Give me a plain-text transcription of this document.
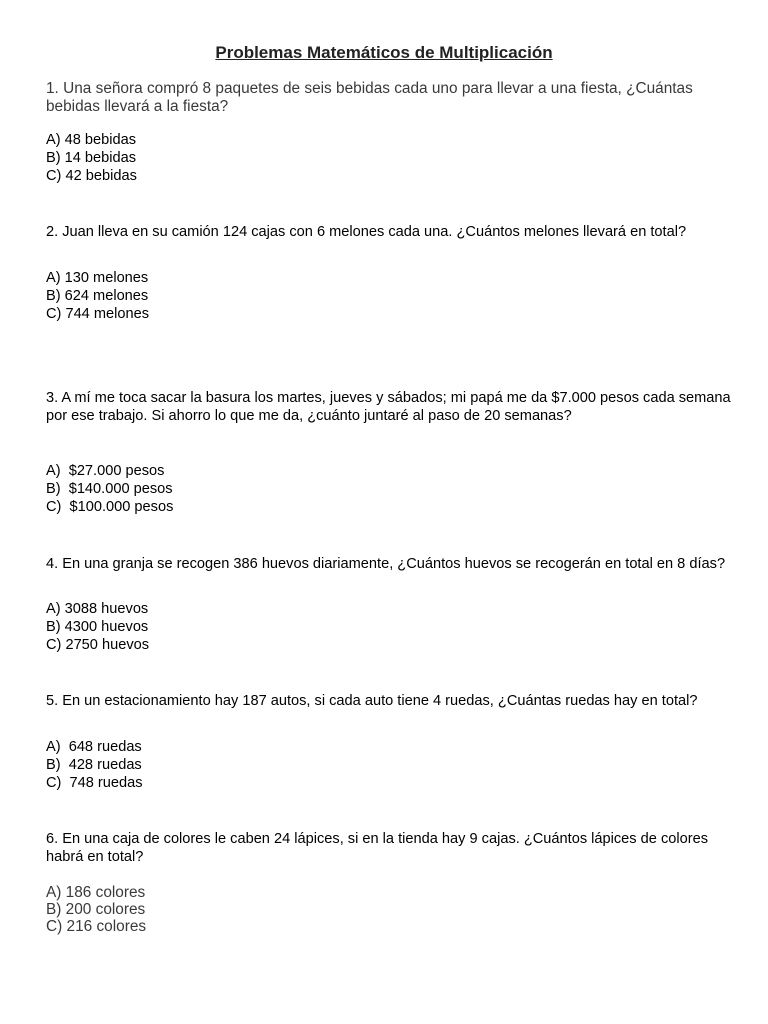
Problemas Matemáticos de Multiplicación

1. Una señora compró 8 paquetes de seis bebidas cada uno para llevar a una fiesta, ¿Cuántas bebidas llevará a la fiesta?

A) 48 bebidas
B) 14 bebidas
C) 42 bebidas

2. Juan lleva en su camión 124 cajas con 6 melones cada una. ¿Cuántos melones llevará en total?

A) 130 melones
B) 624 melones
C) 744 melones

3. A mí me toca sacar la basura los martes, jueves y sábados; mi papá me da $7.000 pesos cada semana por ese trabajo. Si ahorro lo que me da, ¿cuánto juntaré al paso de 20 semanas?

A)  $27.000 pesos
B)  $140.000 pesos
C)  $100.000 pesos

4. En una granja se recogen 386 huevos diariamente, ¿Cuántos huevos se recogerán en total en 8 días?

A) 3088 huevos
B) 4300 huevos
C) 2750 huevos

5. En un estacionamiento hay 187 autos, si cada auto tiene 4 ruedas, ¿Cuántas ruedas hay en total?

A)  648 ruedas
B)  428 ruedas
C)  748 ruedas

6. En una caja de colores le caben 24 lápices, si en la tienda hay 9 cajas. ¿Cuántos lápices de colores habrá en total?

A) 186 colores
B) 200 colores
C) 216 colores
